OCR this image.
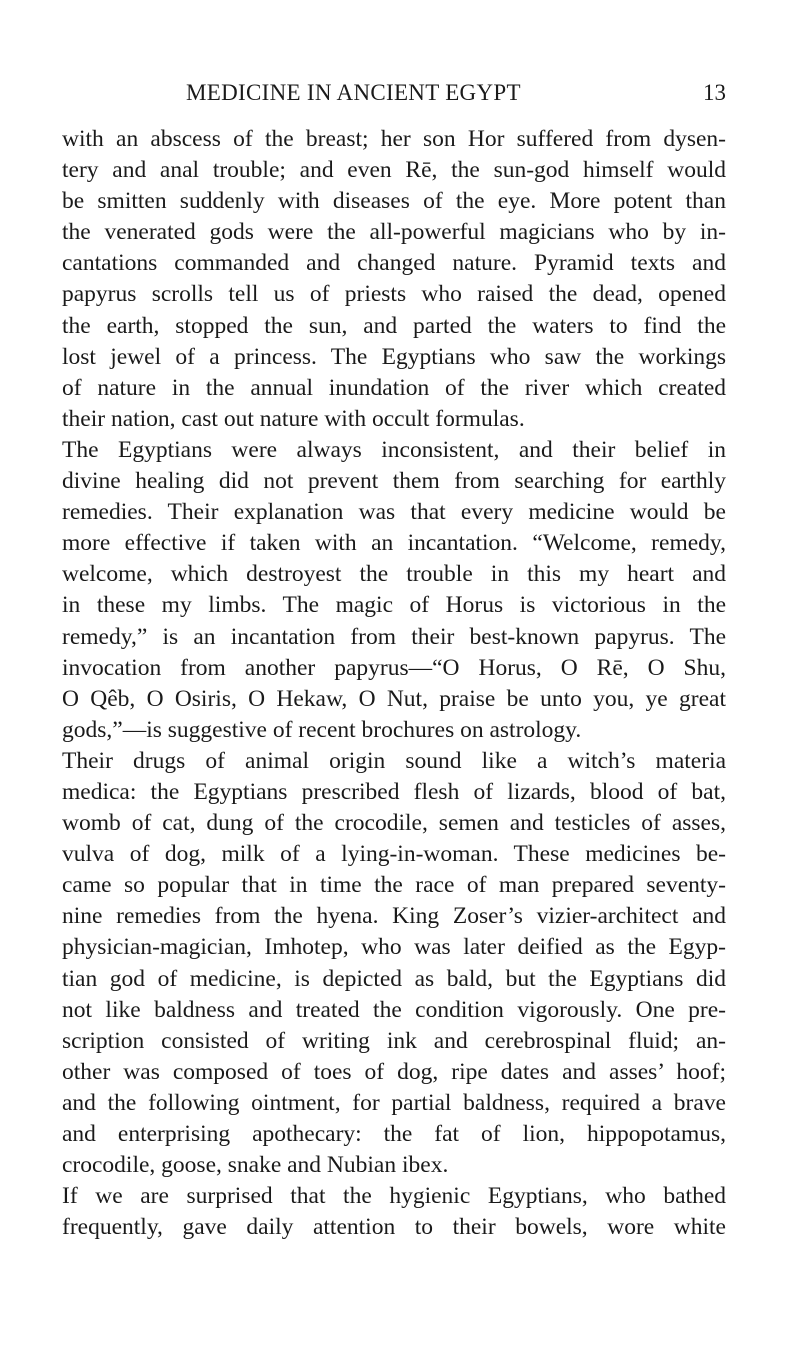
MEDICINE IN ANCIENT EGYPT	13
with an abscess of the breast; her son Hor suffered from dysen-
tery and anal trouble; and even Rē, the sun-god himself would
be smitten suddenly with diseases of the eye. More potent than
the venerated gods were the all-powerful magicians who by in-
cantations commanded and changed nature. Pyramid texts and
papyrus scrolls tell us of priests who raised the dead, opened
the earth, stopped the sun, and parted the waters to find the
lost jewel of a princess. The Egyptians who saw the workings
of nature in the annual inundation of the river which created
their nation, cast out nature with occult formulas.
The Egyptians were always inconsistent, and their belief in
divine healing did not prevent them from searching for earthly
remedies. Their explanation was that every medicine would be
more effective if taken with an incantation. “Welcome, remedy,
welcome, which destroyest the trouble in this my heart and
in these my limbs. The magic of Horus is victorious in the
remedy,” is an incantation from their best-known papyrus. The
invocation from another papyrus—“O Horus, O Rē, O Shu,
O Qêb, O Osiris, O Hekaw, O Nut, praise be unto you, ye great
gods,”—is suggestive of recent brochures on astrology.
Their drugs of animal origin sound like a witch’s materia
medica: the Egyptians prescribed flesh of lizards, blood of bat,
womb of cat, dung of the crocodile, semen and testicles of asses,
vulva of dog, milk of a lying-in-woman. These medicines be-
came so popular that in time the race of man prepared seventy-
nine remedies from the hyena. King Zoser’s vizier-architect and
physician-magician, Imhotep, who was later deified as the Egyp-
tian god of medicine, is depicted as bald, but the Egyptians did
not like baldness and treated the condition vigorously. One pre-
scription consisted of writing ink and cerebrospinal fluid; an-
other was composed of toes of dog, ripe dates and asses’ hoof;
and the following ointment, for partial baldness, required a brave
and enterprising apothecary: the fat of lion, hippopotamus,
crocodile, goose, snake and Nubian ibex.
If we are surprised that the hygienic Egyptians, who bathed
frequently, gave daily attention to their bowels, wore white
